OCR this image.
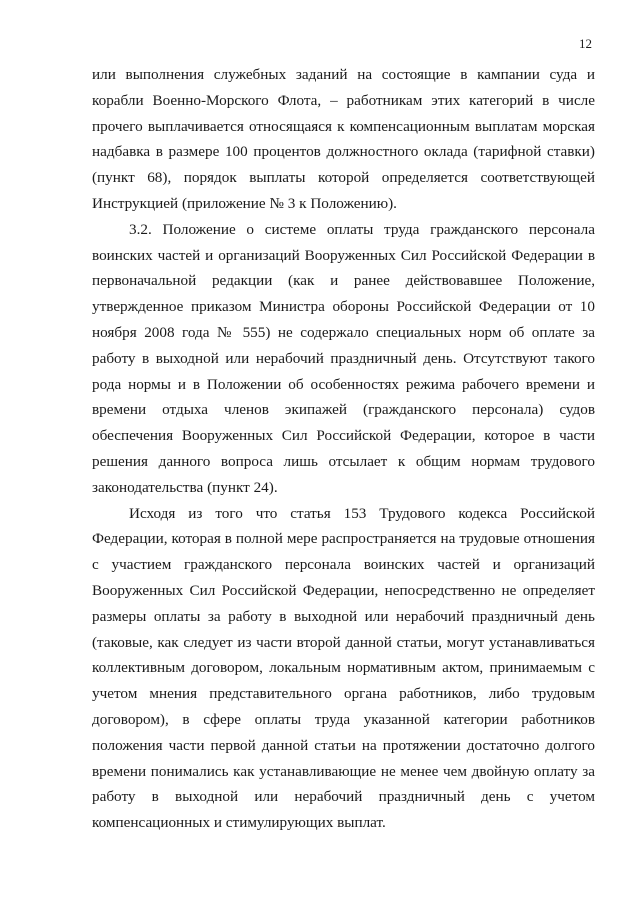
12

или выполнения служебных заданий на состоящие в кампании суда и корабли Военно-Морского Флота, – работникам этих категорий в числе прочего выплачивается относящаяся к компенсационным выплатам морская надбавка в размере 100 процентов должностного оклада (тарифной ставки) (пункт 68), порядок выплаты которой определяется соответствующей Инструкцией (приложение № 3 к Положению).

3.2. Положение о системе оплаты труда гражданского персонала воинских частей и организаций Вооруженных Сил Российской Федерации в первоначальной редакции (как и ранее действовавшее Положение, утвержденное приказом Министра обороны Российской Федерации от 10 ноября 2008 года № 555) не содержало специальных норм об оплате за работу в выходной или нерабочий праздничный день. Отсутствуют такого рода нормы и в Положении об особенностях режима рабочего времени и времени отдыха членов экипажей (гражданского персонала) судов обеспечения Вооруженных Сил Российской Федерации, которое в части решения данного вопроса лишь отсылает к общим нормам трудового законодательства (пункт 24).

Исходя из того что статья 153 Трудового кодекса Российской Федерации, которая в полной мере распространяется на трудовые отношения с участием гражданского персонала воинских частей и организаций Вооруженных Сил Российской Федерации, непосредственно не определяет размеры оплаты за работу в выходной или нерабочий праздничный день (таковые, как следует из части второй данной статьи, могут устанавливаться коллективным договором, локальным нормативным актом, принимаемым с учетом мнения представительного органа работников, либо трудовым договором), в сфере оплаты труда указанной категории работников положения части первой данной статьи на протяжении достаточно долгого времени понимались как устанавливающие не менее чем двойную оплату за работу в выходной или нерабочий праздничный день с учетом компенсационных и стимулирующих выплат.
